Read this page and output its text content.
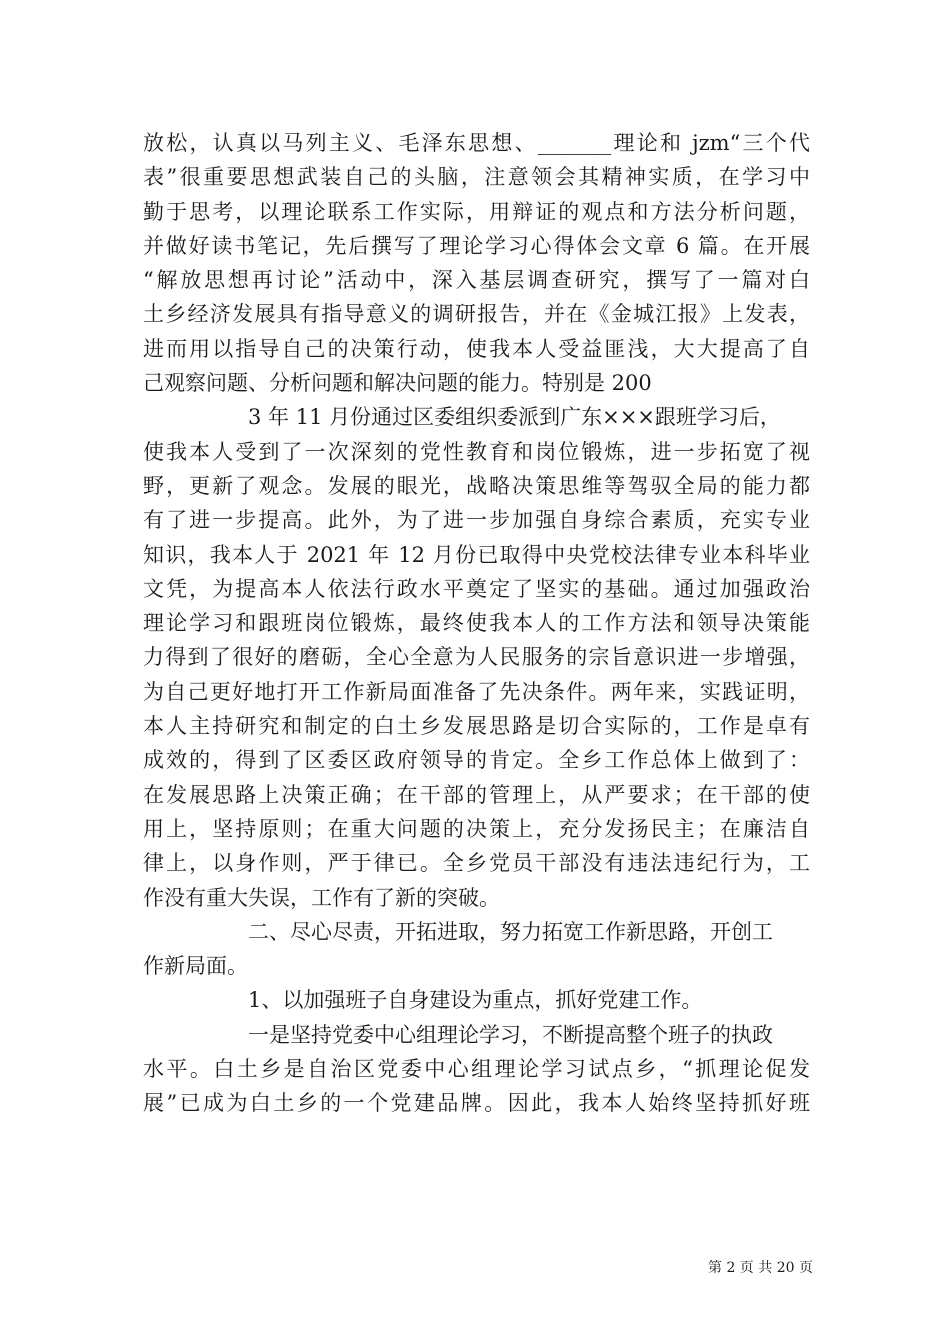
放松，认真以马列主义、毛泽东思想、_______理论和 jzm“三个代
表”很重要思想武装自己的头脑，注意领会其精神实质，在学习中
勤于思考，以理论联系工作实际，用辩证的观点和方法分析问题，
并做好读书笔记，先后撰写了理论学习心得体会文章 6 篇。在开展
“解放思想再讨论”活动中，深入基层调查研究，撰写了一篇对白
土乡经济发展具有指导意义的调研报告，并在《金城江报》上发表，
进而用以指导自己的决策行动，使我本人受益匪浅，大大提高了自
己观察问题、分析问题和解决问题的能力。特别是 200
3 年 11 月份通过区委组织委派到广东×××跟班学习后，
使我本人受到了一次深刻的党性教育和岗位锻炼，进一步拓宽了视
野，更新了观念。发展的眼光，战略决策思维等驾驭全局的能力都
有了进一步提高。此外，为了进一步加强自身综合素质，充实专业
知识，我本人于 2021 年 12 月份已取得中央党校法律专业本科毕业
文凭，为提高本人依法行政水平奠定了坚实的基础。通过加强政治
理论学习和跟班岗位锻炼，最终使我本人的工作方法和领导决策能
力得到了很好的磨砺，全心全意为人民服务的宗旨意识进一步增强，
为自己更好地打开工作新局面准备了先决条件。两年来，实践证明，
本人主持研究和制定的白土乡发展思路是切合实际的，工作是卓有
成效的，得到了区委区政府领导的肯定。全乡工作总体上做到了：
在发展思路上决策正确；在干部的管理上，从严要求；在干部的使
用上，坚持原则；在重大问题的决策上，充分发扬民主；在廉洁自
律上，以身作则，严于律已。全乡党员干部没有违法违纪行为，工
作没有重大失误，工作有了新的突破。
二、尽心尽责，开拓进取，努力拓宽工作新思路，开创工
作新局面。
1、以加强班子自身建设为重点，抓好党建工作。
一是坚持党委中心组理论学习，不断提高整个班子的执政
水平。白土乡是自治区党委中心组理论学习试点乡，“抓理论促发
展”已成为白土乡的一个党建品牌。因此，我本人始终坚持抓好班
第 2 页 共 20 页
